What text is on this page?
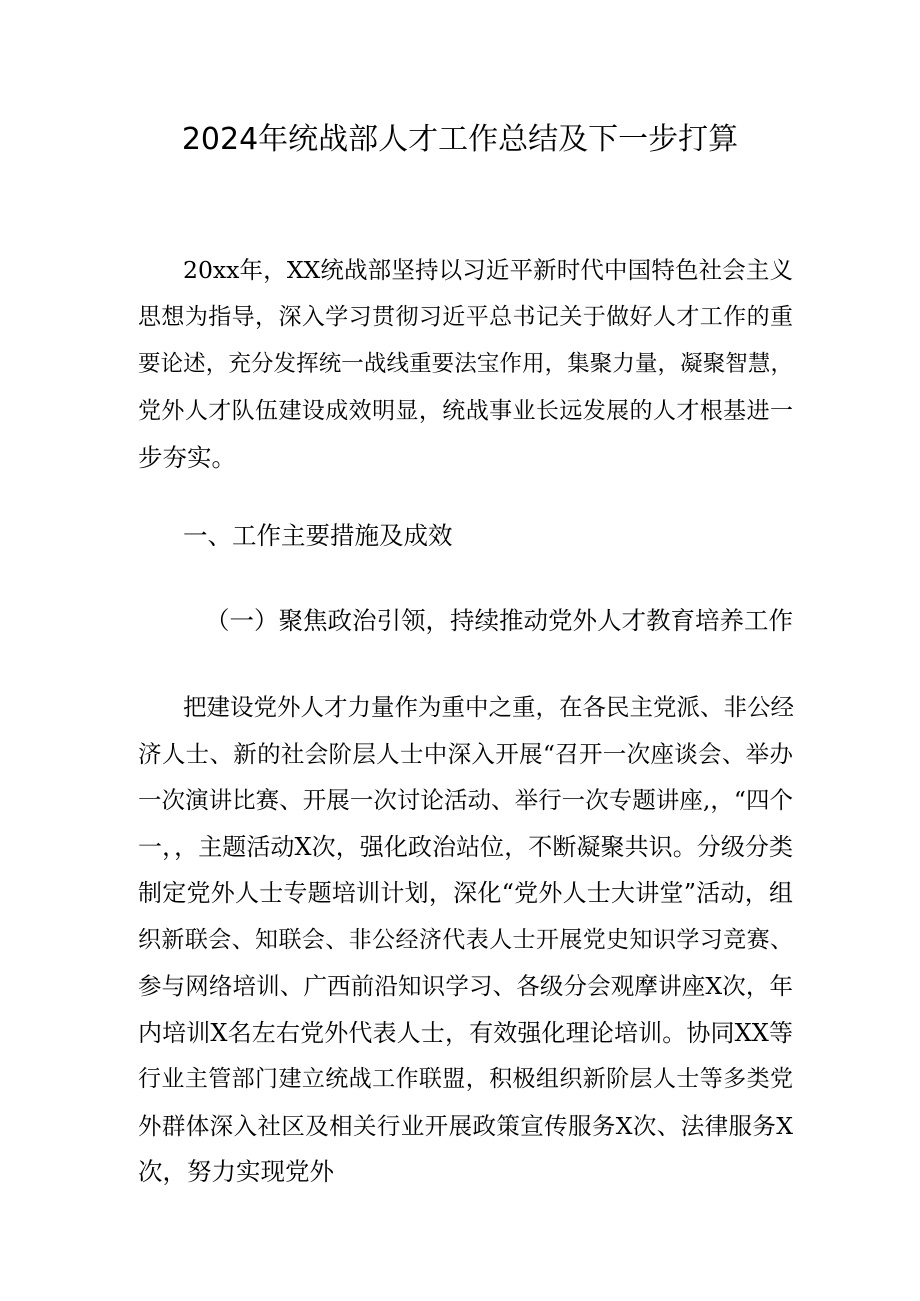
2024年统战部人才工作总结及下一步打算
20xx年，XX统战部坚持以习近平新时代中国特色社会主义
思想为指导，深入学习贯彻习近平总书记关于做好人才工作的重
要论述，充分发挥统一战线重要法宝作用，集聚力量，凝聚智慧，
党外人才队伍建设成效明显，统战事业长远发展的人才根基进一
步夯实。
一、工作主要措施及成效
（一）聚焦政治引领，持续推动党外人才教育培养工作
把建设党外人才力量作为重中之重，在各民主党派、非公经
济人士、新的社会阶层人士中深入开展“召开一次座谈会、举办
一次演讲比赛、开展一次讨论活动、举行一次专题讲座,，“四个
一，，主题活动X次，强化政治站位，不断凝聚共识。分级分类
制定党外人士专题培训计划，深化“党外人士大讲堂”活动，组
织新联会、知联会、非公经济代表人士开展党史知识学习竞赛、
参与网络培训、广西前沿知识学习、各级分会观摩讲座X次，年
内培训X名左右党外代表人士，有效强化理论培训。协同XX等
行业主管部门建立统战工作联盟，积极组织新阶层人士等多类党
外群体深入社区及相关行业开展政策宣传服务X次、法律服务X
次，努力实现党外
